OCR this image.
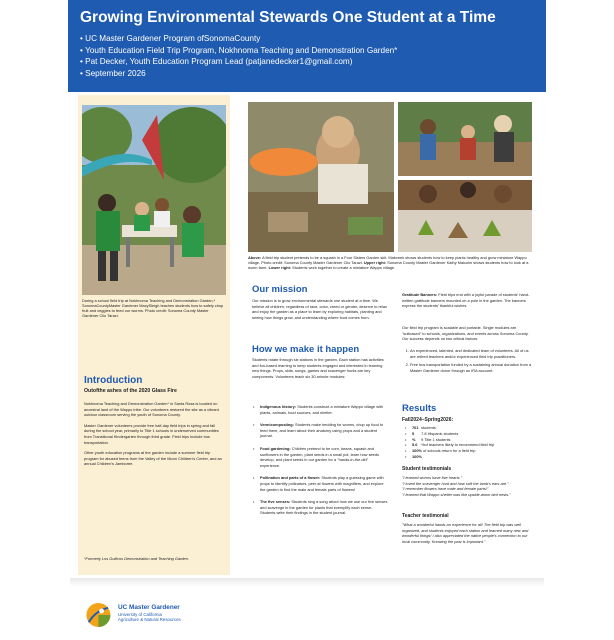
Growing Environmental Stewards One Student at a Time
• UC Master Gardener Program ofSonomaCounty
• Youth Education Field Trip Program, Nokhnoma Teaching and Demonstration Garden*
• Pat Decker, Youth Education Program Lead (patjanedecker1@gmail.com)
• September 2026
During a school field trip at Nokhnoma Teaching and Demonstration Garden,* SonomaCountyMaster Gardener MaxySleigh teaches students how to safely chop fruit and veggies to feed our worms. Photo credit: Sonoma County Master Gardener Clio Tarazi.
Introduction
Outofthe ashes of the 2020 Glass Fire

Nokhnoma Teaching and Demonstration Garden* in Santa Rosa is located on ancestral land of the Wappo tribe. Our volunteers restored the site as a vibrant outdoor classroom serving the youth of Sonoma County.

Master Gardener volunteers provide free half-day field trips in spring and fall during the school year, primarily to Title 1 schools in underserved communities from Transitional Kindergarten through third grade. Field trips include bus transportation.

Other youth education programs at the garden include a summer field trip program for abused teens from the Valley of the Moon Children's Center, and an annual Children's Jamboree.

*Formerly Los Guilicos Demonstration and Teaching Garden.
Above: A field trip student pretends to be a squash in a Four Sisters Garden skit. Mabveek shows students how to keep plants healthy and grow miniature Wappo village. Photo credit: Sonoma County Master Gardener Clio Tarazi. Upper right: Sonoma County Master Gardener Kathy Malcolm shows students how to look at a worm farm. Lower right: Students work together to create a miniature Wappo village.
Our mission
Our mission is to grow environmental stewards one student at a time. We believe all children, regardless of race, color, creed or gender, deserve to relax and enjoy the garden as a place to learn by exploring habitats, planting and seeing how things grow, and understanding where food comes from.
How we make it happen
Students rotate through six stations in the garden. Each station has activities and fun-based learning to keep students engaged and interested in learning new things. Props, skits, songs, games and scavenger hunts are key components. Volunteers teach six 30-minute modules:
• Indigenous history: Students construct a miniature Wappo village with plants, animals, food sources, and shelter.
• Vermicomposting: Students make bedding for worms, chop up food to feed them, and learn about their anatomy using props and a student journal.
• Food gardening: Children pretend to be corn, beans, squash and sunflowers in the garden, plant seeds in a small pot, learn how seeds develop, and plant seeds in our garden for a "hands-in-the-dirt" experience.
• Pollination and parts of a flower: Students play a guessing game with props to identify pollinators, peer at flowers with magnifiers, and explore the garden to find the male and female parts of flowers!
• The five senses: Students sing a song about how we use our five senses and scavenge in the garden for plants that exemplify each sense. Students write their findings in the student journal.
Gratitude Banners: Field trips end with a joyful parade of students' hand-written gratitude banners mounted on a pole in the garden. The banners express the students' thankful wishes.
Our field trip program is scalable and portable. Single modules are "suitcased" to schools, organizations, and events across Sonoma County. Our success depends on two critical factors:
1. An experienced, talented, and dedicated team of volunteers. All of us are retired teachers and/or experienced field trip practitioners.
2. Free bus transportation funded by a sustaining annual donation from a Master Gardener donor through an IRA account.
Results
Fall2024–Spring2026:
• 761 students
• 5 7.8 Hispanic students
• % 9 Title 1 students
• 5.6 %of teachers likely to recommend field trip
• 100% of schools return for a field trip
• 100%
Student testimonials
"I learned worms have five hearts."
"I loved the scavenger hunt and how soft the lamb's ears are."
"I remember flowers have male and female parts!"
"I learned that Wappo shelter was like upside-down bird nests."
Teacher testimonial
"What a wonderful hands-on experience for all! The field trip was well organized, and students enjoyed each station and learned many new and wonderful things! I also appreciated the native people's connection to our local community. Knowing the past is important."
UC Master Gardener
University of California
Agriculture & Natural Resources
